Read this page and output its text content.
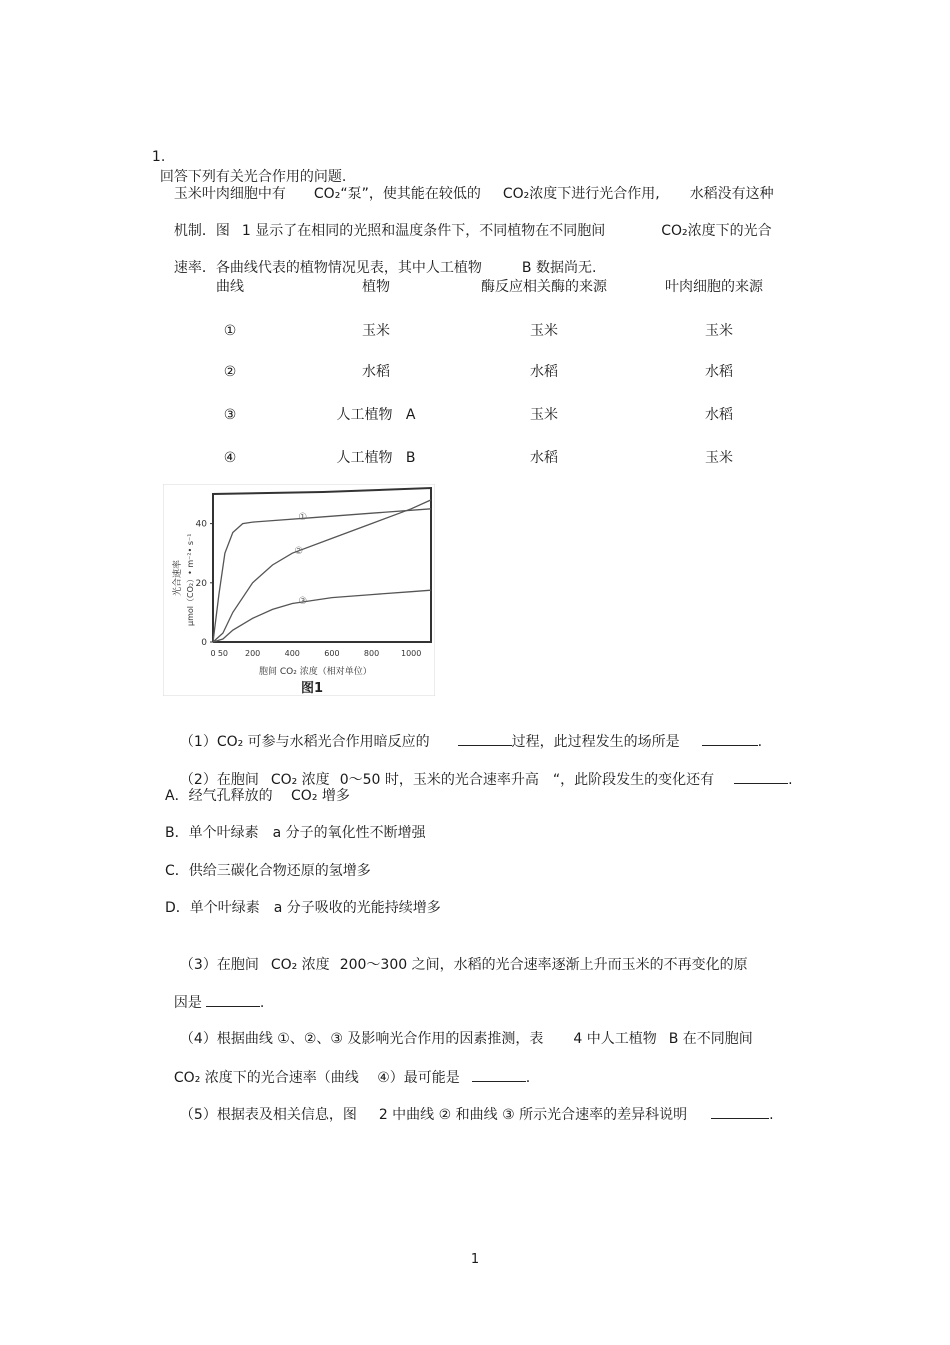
1.
回答下列有关光合作用的问题.

玉米叶肉细胞中有 CO₂“泵”，使其能在较低的 CO₂浓度下进行光合作用, 水稻没有这种

机制．图 1 显示了在相同的光照和温度条件下，不同植物在不同胞间	CO₂浓度下的光合

速率．各曲线代表的植物情况见表，其中人工植物	B 数据尚无.

曲线	植物	酶反应相关酶的来源	叶肉细胞的来源
①	玉米	玉米	玉米
②	水稻	水稻	水稻
③	人工植物   A	玉米	水稻
④	人工植物   B	水稻	玉米
0
20
40
0 50 200	400	600	800	1000
①
②
③
光合速率 μmol（CO₂）• m⁻²• s⁻¹
胞间 CO₂ 浓度（相对单位）
图1

（1）CO₂ 可参与水稻光合作用暗反应的	过程，此过程发生的场所是	.

（2）在胞间 CO₂ 浓度 0～50 时，玉米的光合速率升高 “，此阶段发生的变化还有	.

A．经气孔释放的　 CO₂ 增多
B．单个叶绿素　a 分子的氧化性不断增强
C．供给三碳化合物还原的氢增多
D．单个叶绿素　a 分子吸收的光能持续增多

（3）在胞间 CO₂ 浓度 200～300 之间，水稻的光合速率逐渐上升而玉米的不再变化的原

因是	.

（4）根据曲线 ①、②、③ 及影响光合作用的因素推测，表 4 中人工植物 B 在不同胞间

CO₂ 浓度下的光合速率（曲线　 ④）最可能是	.

（5）根据表及相关信息，图 2 中曲线 ② 和曲线 ③ 所示光合速率的差异科说明	.

1
